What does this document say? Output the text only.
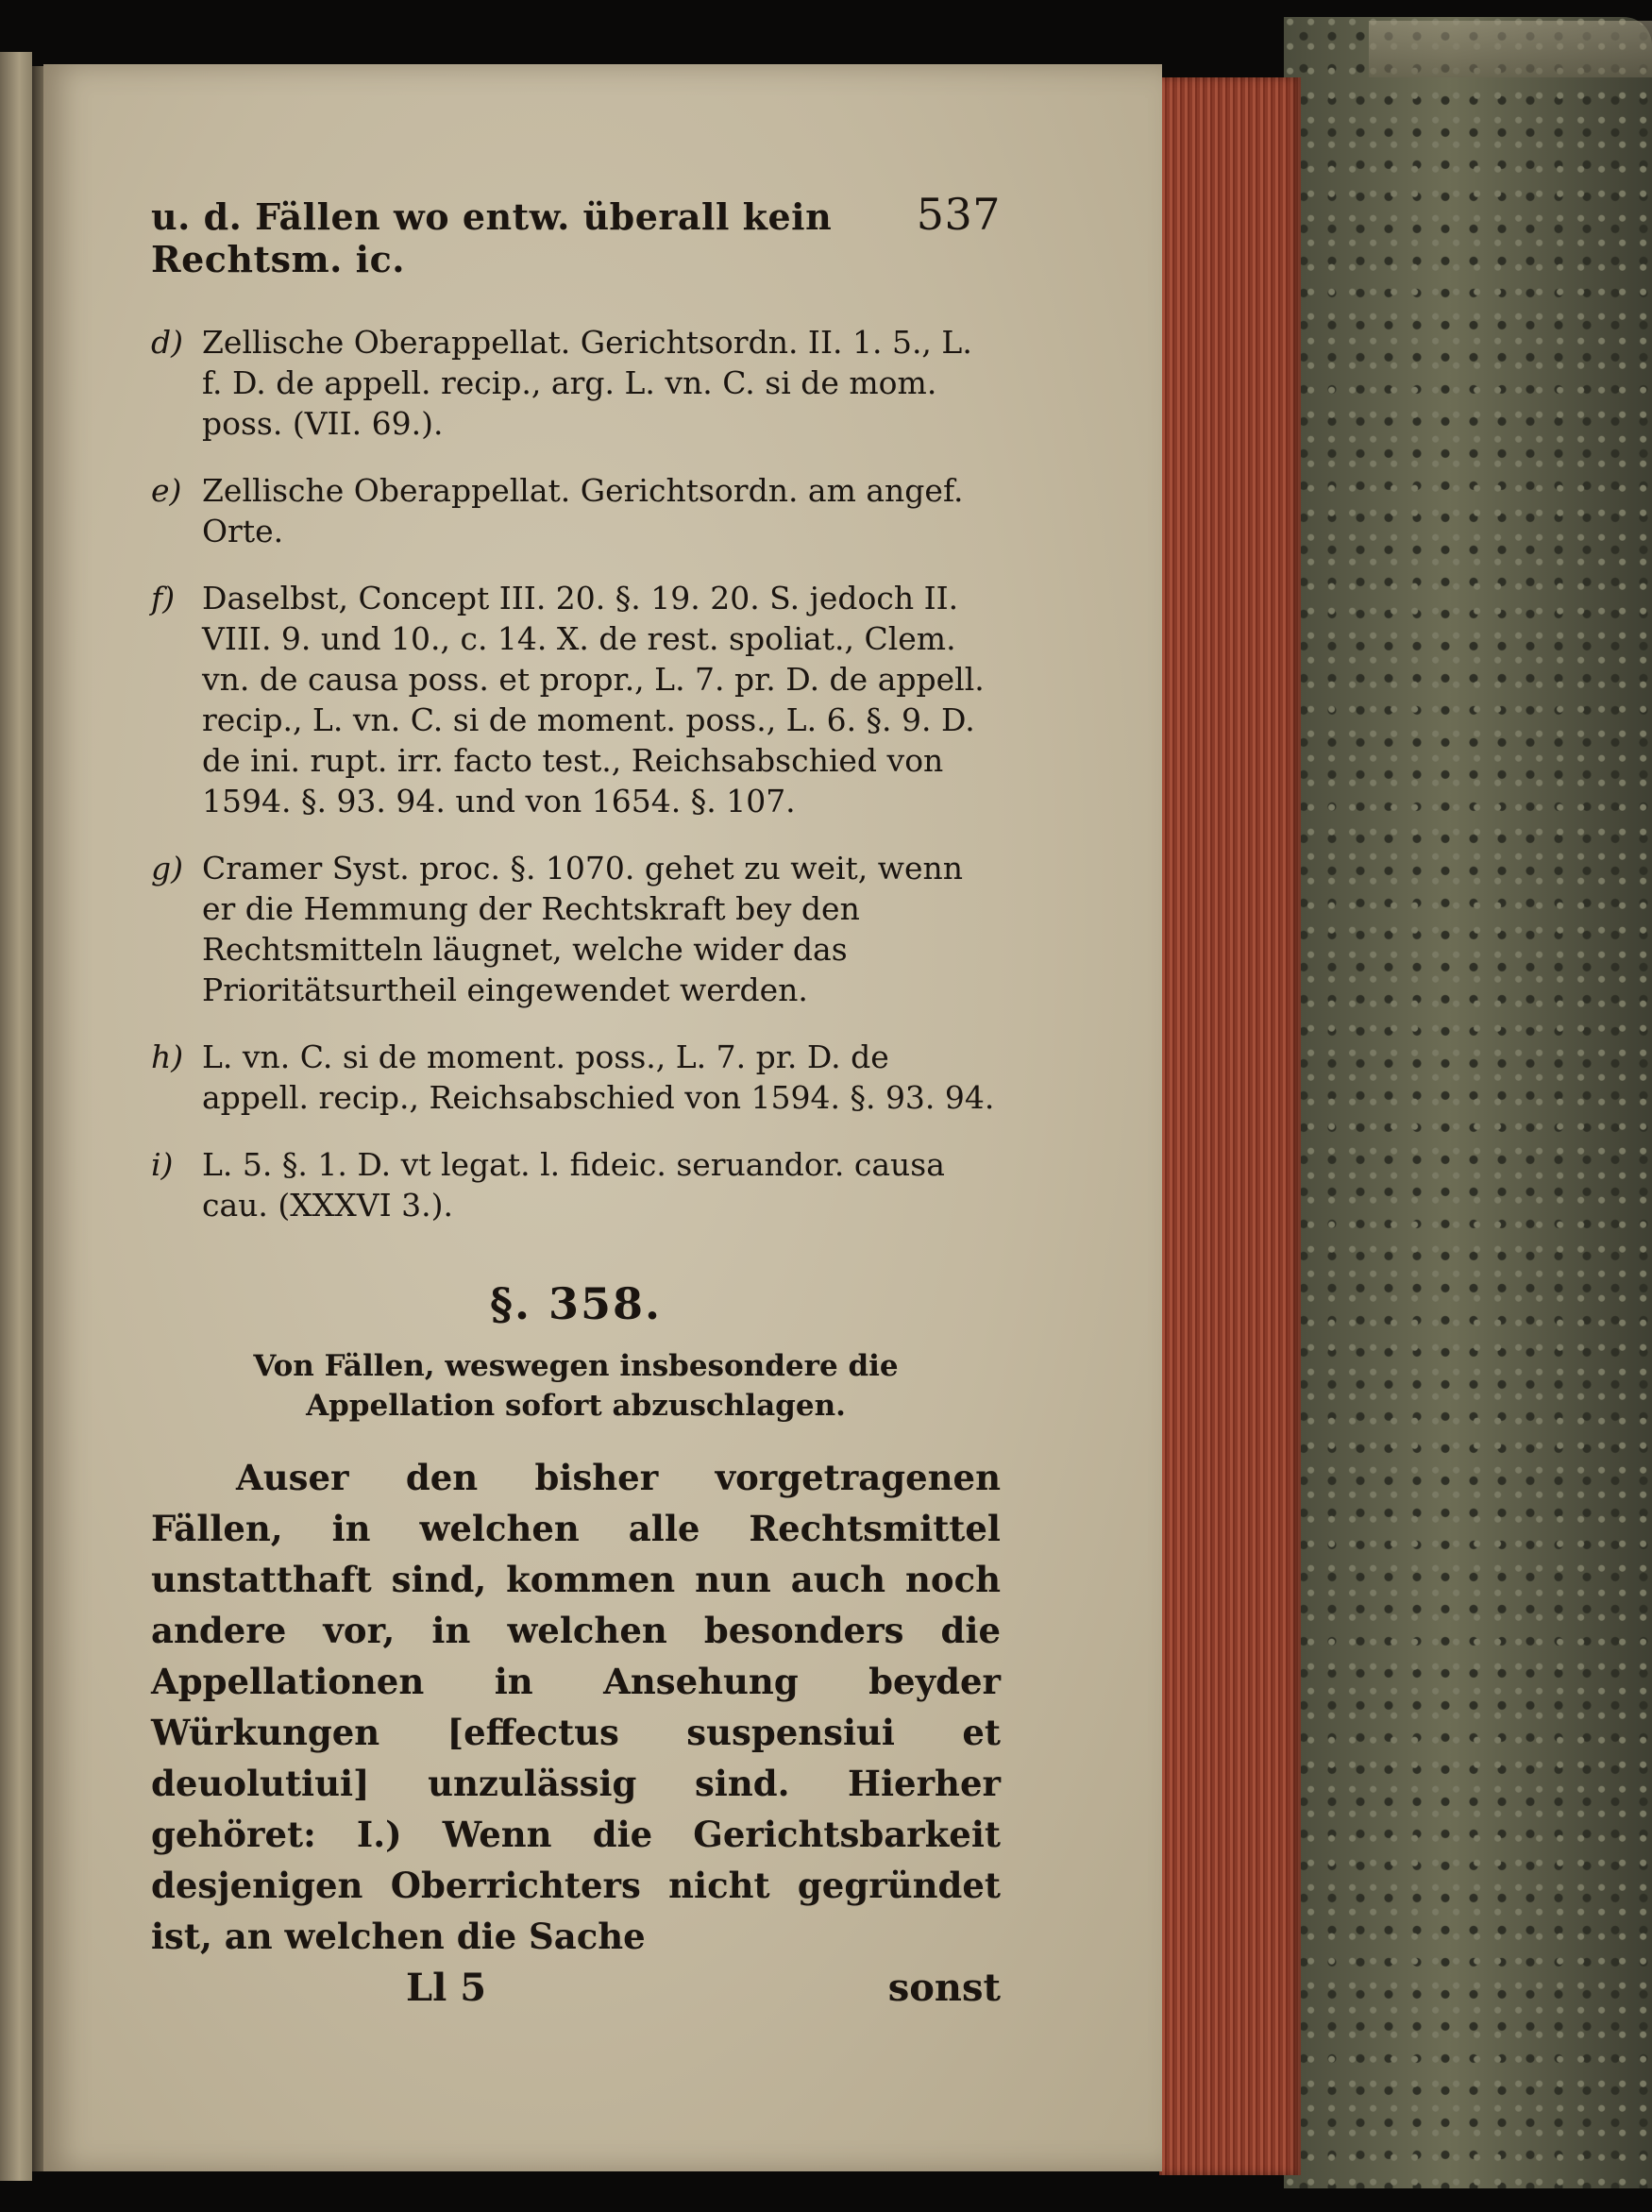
u. d. Fällen wo entw. überall kein Rechtsm. ic.
537
d) Zellische Oberappellat. Gerichtsordn. II. 1. 5., L. f. D. de appell. recip., arg. L. vn. C. si de mom. poss. (VII. 69.).
e) Zellische Oberappellat. Gerichtsordn. am angef. Orte.
f) Daselbst, Concept III. 20. §. 19. 20. S. jedoch II. VIII. 9. und 10., c. 14. X. de rest. spoliat., Clem. vn. de causa poss. et propr., L. 7. pr. D. de appell. recip., L. vn. C. si de moment. poss., L. 6. §. 9. D. de ini. rupt. irr. facto test., Reichsabschied von 1594. §. 93. 94. und von 1654. §. 107.
g) Cramer Syst. proc. §. 1070. gehet zu weit, wenn er die Hemmung der Rechtskraft bey den Rechtsmitteln läugnet, welche wider das Prioritätsurtheil eingewendet werden.
h) L. vn. C. si de moment. poss., L. 7. pr. D. de appell. recip., Reichsabschied von 1594. §. 93. 94.
i) L. 5. §. 1. D. vt legat. l. fideic. seruandor. causa cau. (XXXVI 3.).
§. 358.
Von Fällen, weswegen insbesondere die Appellation sofort abzuschlagen.
Auser den bisher vorgetragenen Fällen, in welchen alle Rechtsmittel unstatthaft sind, kommen nun auch noch andere vor, in welchen besonders die Appellationen in Ansehung beyder Würkungen [effectus suspensiui et deuolutiui] unzulässig sind. Hierher gehöret: I.) Wenn die Gerichtsbarkeit desjenigen Oberrichters nicht gegründet ist, an welchen die Sache
Ll 5	sonst
